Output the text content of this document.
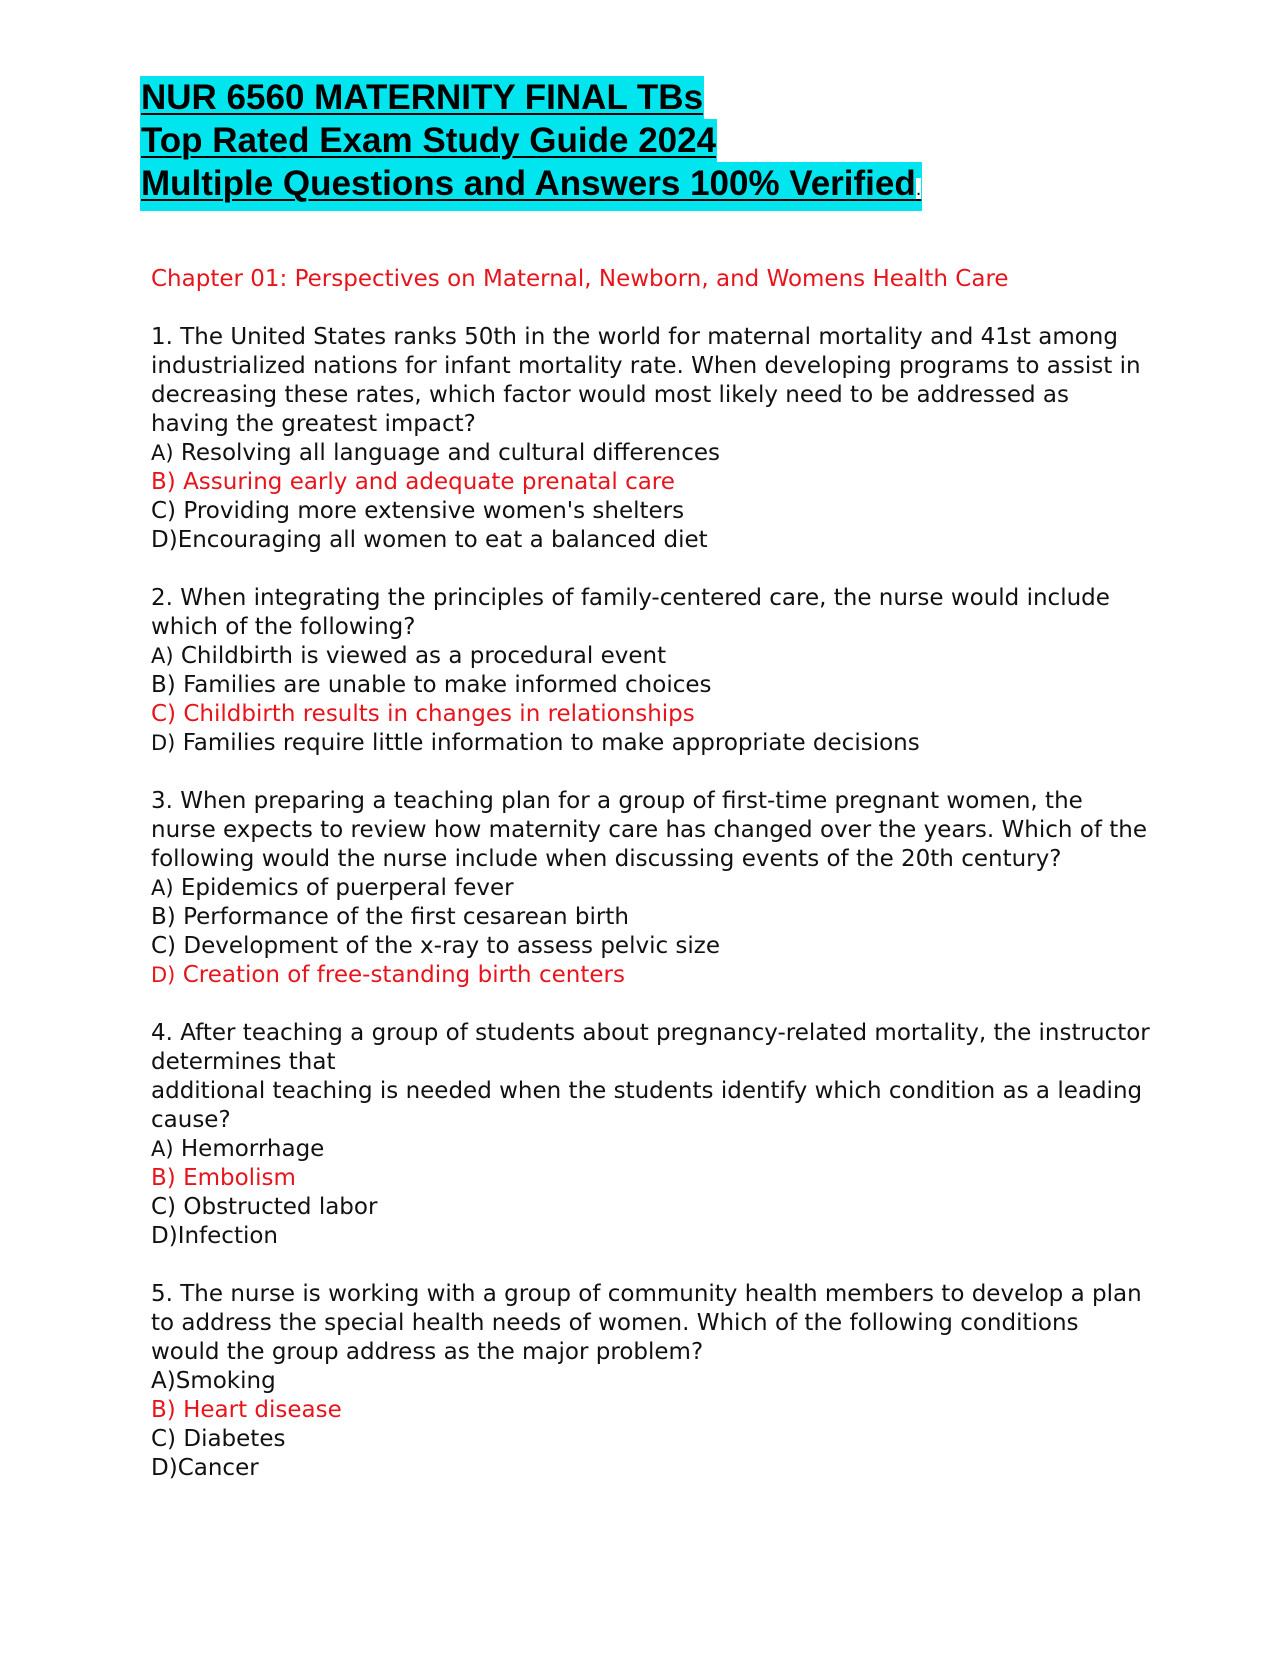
NUR 6560 MATERNITY FINAL TBs
Top Rated Exam Study Guide 2024
Multiple Questions and Answers 100% Verified.

Chapter 01: Perspectives on Maternal, Newborn, and Womens Health Care

1. The United States ranks 50th in the world for maternal mortality and 41st among industrialized nations for infant mortality rate. When developing programs to assist in decreasing these rates, which factor would most likely need to be addressed as having the greatest impact?

A) Resolving all language and cultural differences

B) Assuring early and adequate prenatal care

C) Providing more extensive women's shelters

D)Encouraging all women to eat a balanced diet

2. When integrating the principles of family-centered care, the nurse would include which of the following?

A) Childbirth is viewed as a procedural event

B) Families are unable to make informed choices

C) Childbirth results in changes in relationships

D) Families require little information to make appropriate decisions

3. When preparing a teaching plan for a group of first-time pregnant women, the nurse expects to review how maternity care has changed over the years. Which of the following would the nurse include when discussing events of the 20th century?

A) Epidemics of puerperal fever

B) Performance of the first cesarean birth

C) Development of the x-ray to assess pelvic size

D) Creation of free-standing birth centers

4. After teaching a group of students about pregnancy-related mortality, the instructor determines that

additional teaching is needed when the students identify which condition as a leading cause?

A) Hemorrhage

B) Embolism

C) Obstructed labor

D)Infection

5. The nurse is working with a group of community health members to develop a plan to address the special health needs of women. Which of the following conditions would the group address as the major problem?

A)Smoking

B) Heart disease

C) Diabetes

D)Cancer
